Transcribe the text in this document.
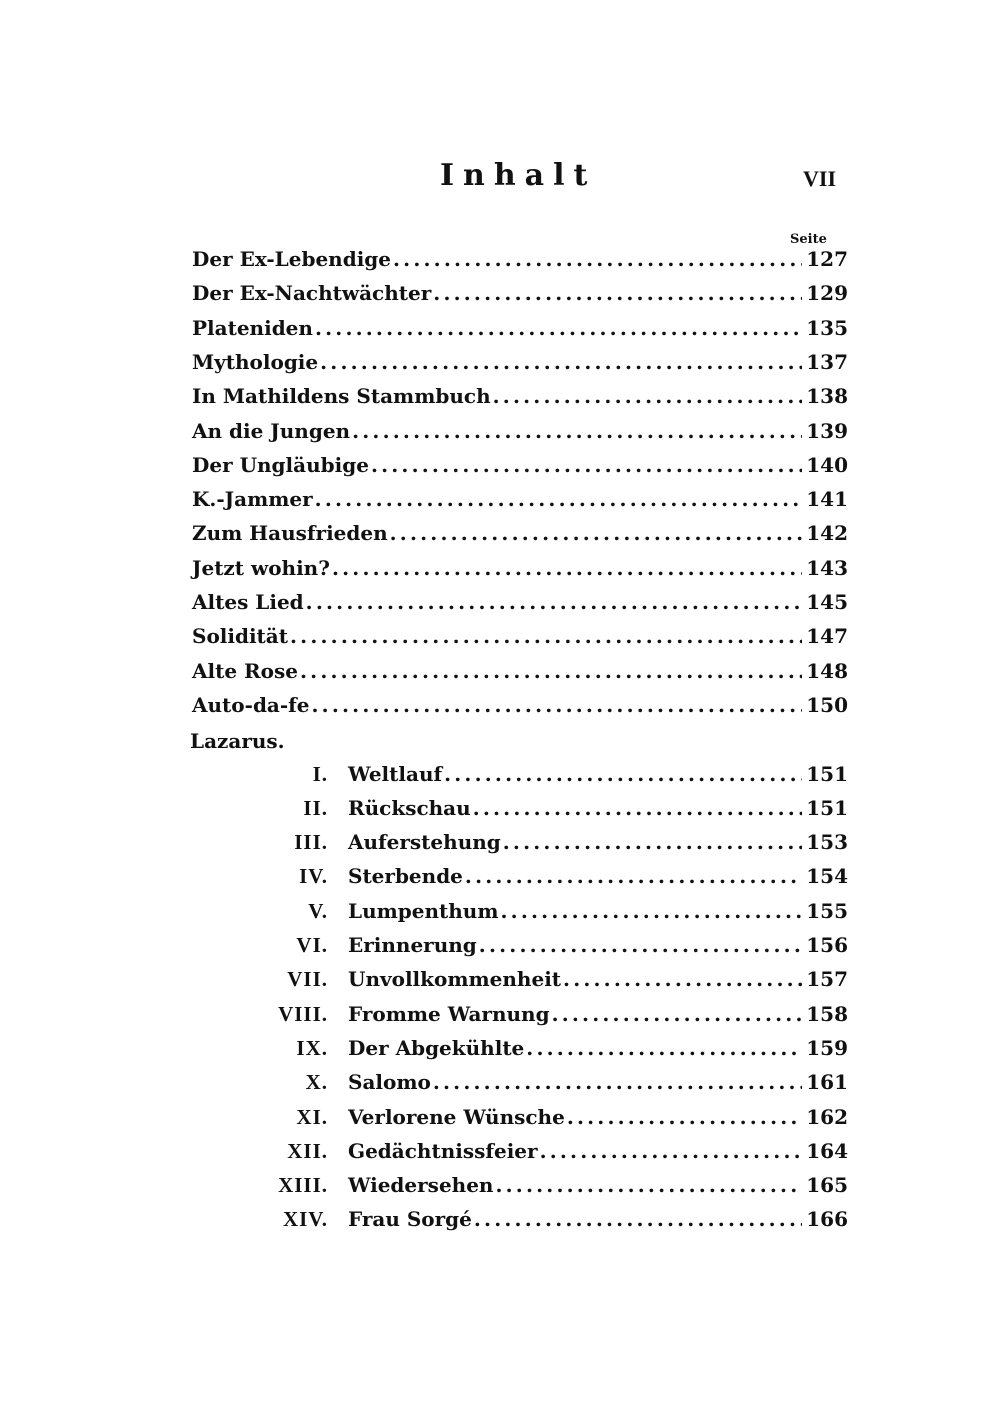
Inhalt	VII
Seite
Der Ex-Lebendige .....	127
Der Ex-Nachtwächter .....	129
Plateniden .....	135
Mythologie .....	137
In Mathildens Stammbuch .....	138
An die Jungen .....	139
Der Ungläubige .....	140
K.-Jammer .....	141
Zum Hausfrieden .....	142
Jetzt wohin? .....	143
Altes Lied .....	145
Solidität .....	147
Alte Rose .....	148
Auto-da-fe .....	150
Lazarus.
I. Weltlauf .....	151
II. Rückschau .....	151
III. Auferstehung .....	153
IV. Sterbende .....	154
V. Lumpenthum .....	155
VI. Erinnerung .....	156
VII. Unvollkommenheit .....	157
VIII. Fromme Warnung .....	158
IX. Der Abgekühlte .....	159
X. Salomo .....	161
XI. Verlorene Wünsche .....	162
XII. Gedächtnissfeier .....	164
XIII. Wiedersehen .....	165
XIV. Frau Sorgé .....	166
